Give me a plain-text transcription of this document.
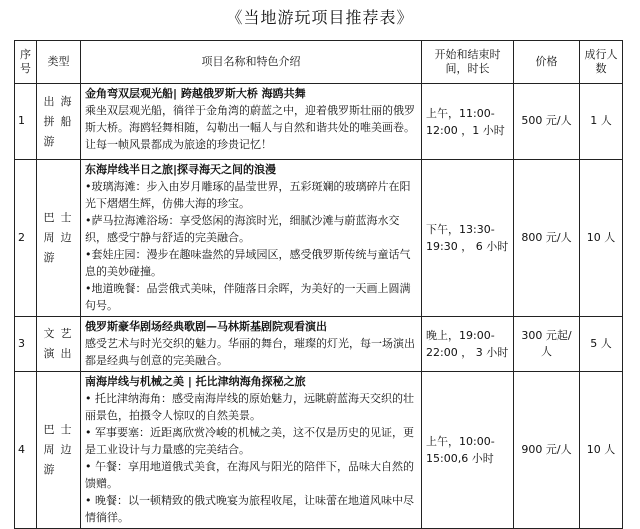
《当地游玩项目推荐表》
序号	类型	项目名称和特色介绍	开始和结束时间，时长	价格	成行人数
1	出海拼船游	金角弯双层观光船| 跨越俄罗斯大桥 海鸥共舞
乘坐双层观光船，徜徉于金角湾的蔚蓝之中，迎着俄罗斯壮丽的俄罗斯大桥。海鸥轻舞相随，勾勒出一幅人与自然和谐共处的唯美画卷。让每一帧风景都成为旅途的珍贵记忆！	上午，11:00-12:00 ，1 小时	500 元/人	1 人
2	巴士周边游	东海岸线半日之旅|探寻海天之间的浪漫
•玻璃海滩：步入由岁月雕琢的晶莹世界，五彩斑斓的玻璃碎片在阳光下熠熠生辉，仿佛大海的珍宝。
•萨马拉海滩浴场：享受悠闲的海滨时光，细腻沙滩与蔚蓝海水交织，感受宁静与舒适的完美融合。
•套娃庄园：漫步在趣味盎然的异域园区，感受俄罗斯传统与童话气息的美妙碰撞。
•地道晚餐：品尝俄式美味，伴随落日余晖，为美好的一天画上圆满句号。	下午，13:30-19:30 ， 6 小时	800 元/人	10 人
3	文艺演出	俄罗斯豪华剧场经典歌剧—马林斯基剧院观看演出
感受艺术与时光交织的魅力。华丽的舞台，璀璨的灯光，每一场演出都是经典与创意的完美融合。	晚上，19:00-22:00 ， 3 小时	300 元起/人	5 人
4	巴士周边游	南海岸线与机械之美 | 托比津纳海角探秘之旅
• 托比津纳海角：感受南海岸线的原始魅力，远眺蔚蓝海天交织的壮丽景色，拍摄令人惊叹的自然美景。
• 军事要塞：近距离欣赏冷峻的机械之美，这不仅是历史的见证，更是工业设计与力量感的完美结合。
• 午餐：享用地道俄式美食，在海风与阳光的陪伴下，品味大自然的馈赠。
• 晚餐：以一顿精致的俄式晚宴为旅程收尾，让味蕾在地道风味中尽情徜徉。	上午，10:00-15:00,6 小时	900 元/人	10 人
